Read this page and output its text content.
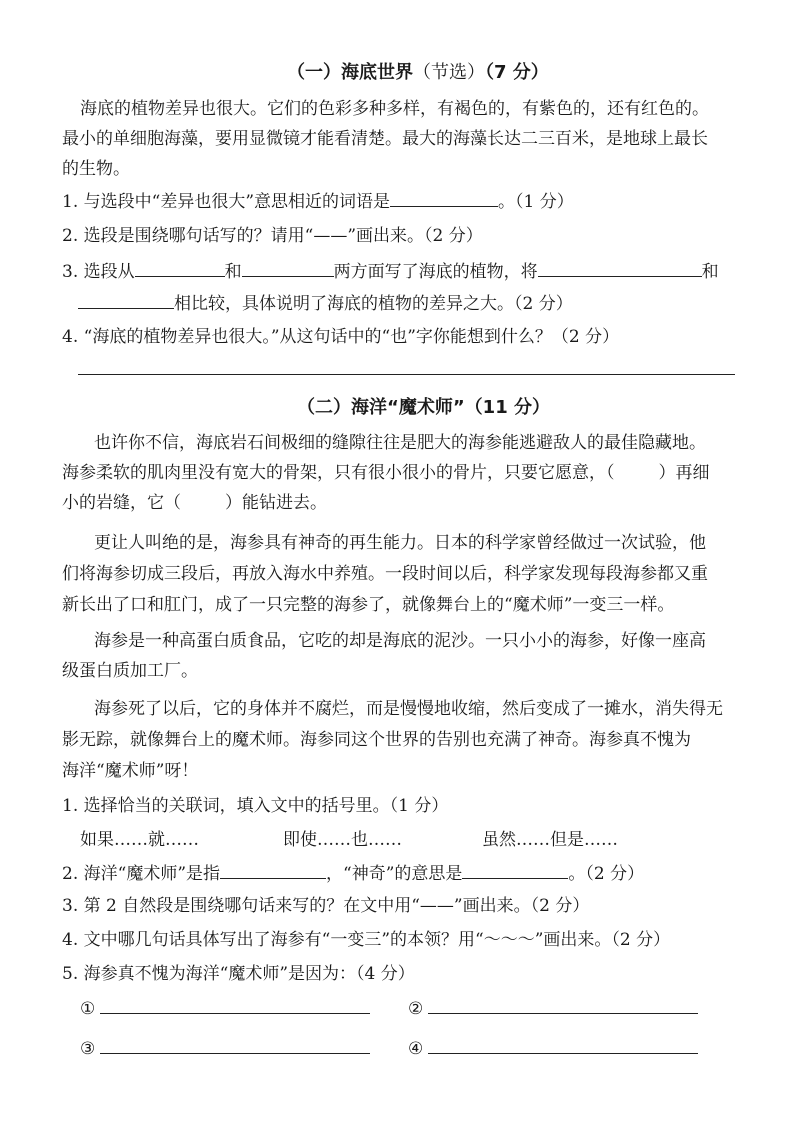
（一）海底世界（节选）（7 分）
海底的植物差异也很大。它们的色彩多种多样，有褐色的，有紫色的，还有红色的。
最小的单细胞海藻，要用显微镜才能看清楚。最大的海藻长达二三百米，是地球上最长
的生物。
1. 与选段中“差异也很大”意思相近的词语是	。（1 分）
2. 选段是围绕哪句话写的？请用“——”画出来。（2 分）
3. 选段从	和	两方面写了海底的植物，将	和
相比较，具体说明了海底的植物的差异之大。（2 分）
4. “海底的植物差异也很大。”从这句话中的“也”字你能想到什么？（2 分）
（二）海洋“魔术师”（11 分）
也许你不信，海底岩石间极细的缝隙往往是肥大的海参能逃避敌人的最佳隐藏地。
海参柔软的肌肉里没有宽大的骨架，只有很小很小的骨片，只要它愿意，（	）再细
小的岩缝，它（	）能钻进去。
更让人叫绝的是，海参具有神奇的再生能力。日本的科学家曾经做过一次试验，他
们将海参切成三段后，再放入海水中养殖。一段时间以后，科学家发现每段海参都又重
新长出了口和肛门，成了一只完整的海参了，就像舞台上的“魔术师”一变三一样。
海参是一种高蛋白质食品，它吃的却是海底的泥沙。一只小小的海参，好像一座高
级蛋白质加工厂。
海参死了以后，它的身体并不腐烂，而是慢慢地收缩，然后变成了一摊水，消失得无
影无踪，就像舞台上的魔术师。海参同这个世界的告别也充满了神奇。海参真不愧为
海洋“魔术师”呀！
1. 选择恰当的关联词，填入文中的括号里。（1 分）
如果……就……	即使……也……	虽然……但是……
2. 海洋“魔术师”是指	，“神奇”的意思是	。（2 分）
3. 第 2 自然段是围绕哪句话来写的？在文中用“——”画出来。（2 分）
4. 文中哪几句话具体写出了海参有“一变三”的本领？用“～～～”画出来。（2 分）
5. 海参真不愧为海洋“魔术师”是因为：（4 分）
①	②
③	④
